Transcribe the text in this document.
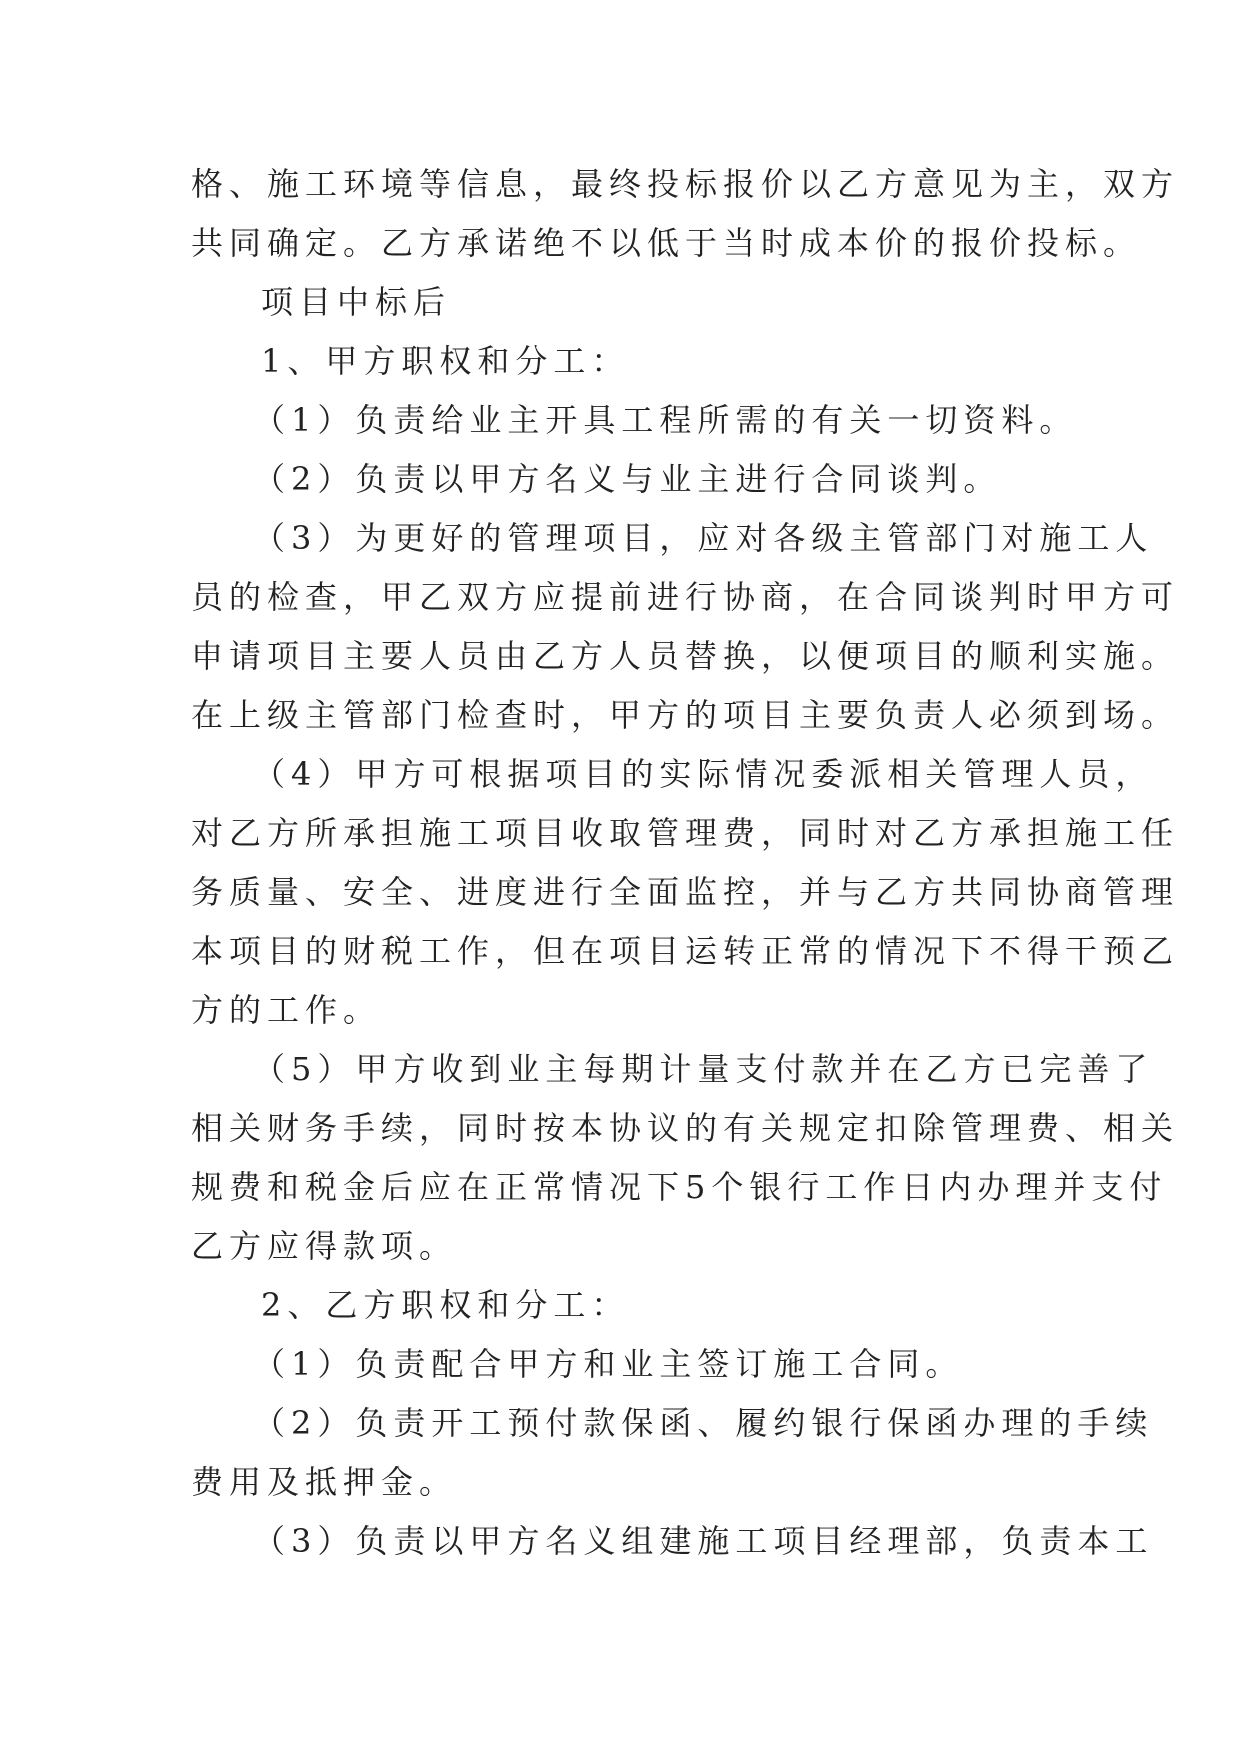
格、施工环境等信息，最终投标报价以乙方意见为主，双方

共同确定。乙方承诺绝不以低于当时成本价的报价投标。

项目中标后

1、甲方职权和分工：

（1）负责给业主开具工程所需的有关一切资料。

（2）负责以甲方名义与业主进行合同谈判。

（3）为更好的管理项目，应对各级主管部门对施工人

员的检查，甲乙双方应提前进行协商，在合同谈判时甲方可

申请项目主要人员由乙方人员替换，以便项目的顺利实施。

在上级主管部门检查时，甲方的项目主要负责人必须到场。

（4）甲方可根据项目的实际情况委派相关管理人员，

对乙方所承担施工项目收取管理费，同时对乙方承担施工任

务质量、安全、进度进行全面监控，并与乙方共同协商管理

本项目的财税工作，但在项目运转正常的情况下不得干预乙

方的工作。

（5）甲方收到业主每期计量支付款并在乙方已完善了

相关财务手续，同时按本协议的有关规定扣除管理费、相关

规费和税金后应在正常情况下5个银行工作日内办理并支付

乙方应得款项。

2、乙方职权和分工：

（1）负责配合甲方和业主签订施工合同。

（2）负责开工预付款保函、履约银行保函办理的手续

费用及抵押金。

（3）负责以甲方名义组建施工项目经理部，负责本工
